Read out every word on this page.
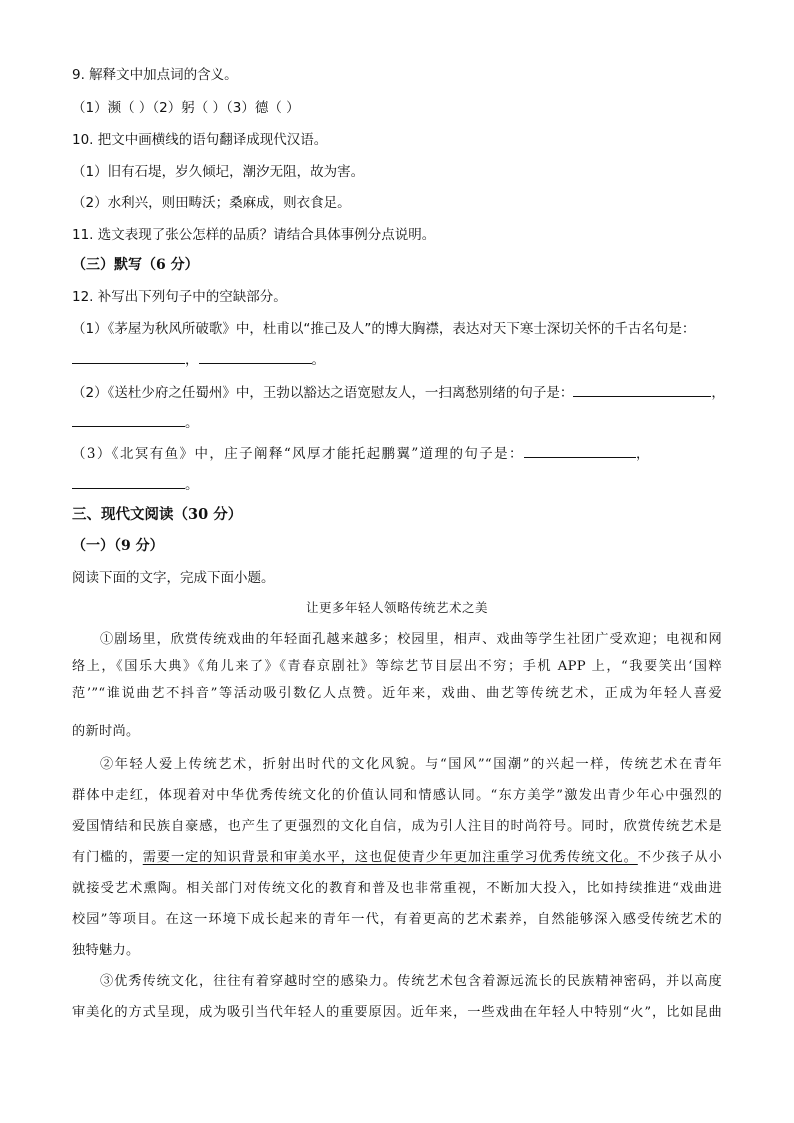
9. 解释文中加点词的含义。
（1）濒（ ）（2）躬（ ）（3）德（ ）
10. 把文中画横线的语句翻译成现代汉语。
（1）旧有石堤，岁久倾圮，潮汐无阻，故为害。
（2）水利兴，则田畴沃；桑麻成，则衣食足。
11. 选文表现了张公怎样的品质？请结合具体事例分点说明。
（三）默写（6 分）
12. 补写出下列句子中的空缺部分。
（1）《茅屋为秋风所破歌》中，杜甫以“推己及人”的博大胸襟，表达对天下寒士深切关怀的千古名句是：
，	。
（2）《送杜少府之任蜀州》中，王勃以豁达之语宽慰友人，一扫离愁别绪的句子是：	，
。
（3）《北冥有鱼》中，庄子阐释“风厚才能托起鹏翼”道理的句子是：	，
。
三、现代文阅读（30 分）
（一）（9 分）
阅读下面的文字，完成下面小题。
让更多年轻人领略传统艺术之美
①剧场里，欣赏传统戏曲的年轻面孔越来越多；校园里，相声、戏曲等学生社团广受欢迎；电视和网
络上，《国乐大典》《角儿来了》《青春京剧社》等综艺节目层出不穷；手机 APP 上，“我要笑出‘国粹
范’”“谁说曲艺不抖音”等活动吸引数亿人点赞。近年来，戏曲、曲艺等传统艺术，正成为年轻人喜爱
的新时尚。
②年轻人爱上传统艺术，折射出时代的文化风貌。与“国风”“国潮”的兴起一样，传统艺术在青年
群体中走红，体现着对中华优秀传统文化的价值认同和情感认同。“东方美学”激发出青少年心中强烈的
爱国情结和民族自豪感，也产生了更强烈的文化自信，成为引人注目的时尚符号。同时，欣赏传统艺术是
有门槛的，需要一定的知识背景和审美水平，这也促使青少年更加注重学习优秀传统文化。不少孩子从小
就接受艺术熏陶。相关部门对传统文化的教育和普及也非常重视，不断加大投入，比如持续推进“戏曲进
校园”等项目。在这一环境下成长起来的青年一代，有着更高的艺术素养，自然能够深入感受传统艺术的
独特魅力。
③优秀传统文化，往往有着穿越时空的感染力。传统艺术包含着源远流长的民族精神密码，并以高度
审美化的方式呈现，成为吸引当代年轻人的重要原因。近年来，一些戏曲在年轻人中特别“火”，比如昆曲
